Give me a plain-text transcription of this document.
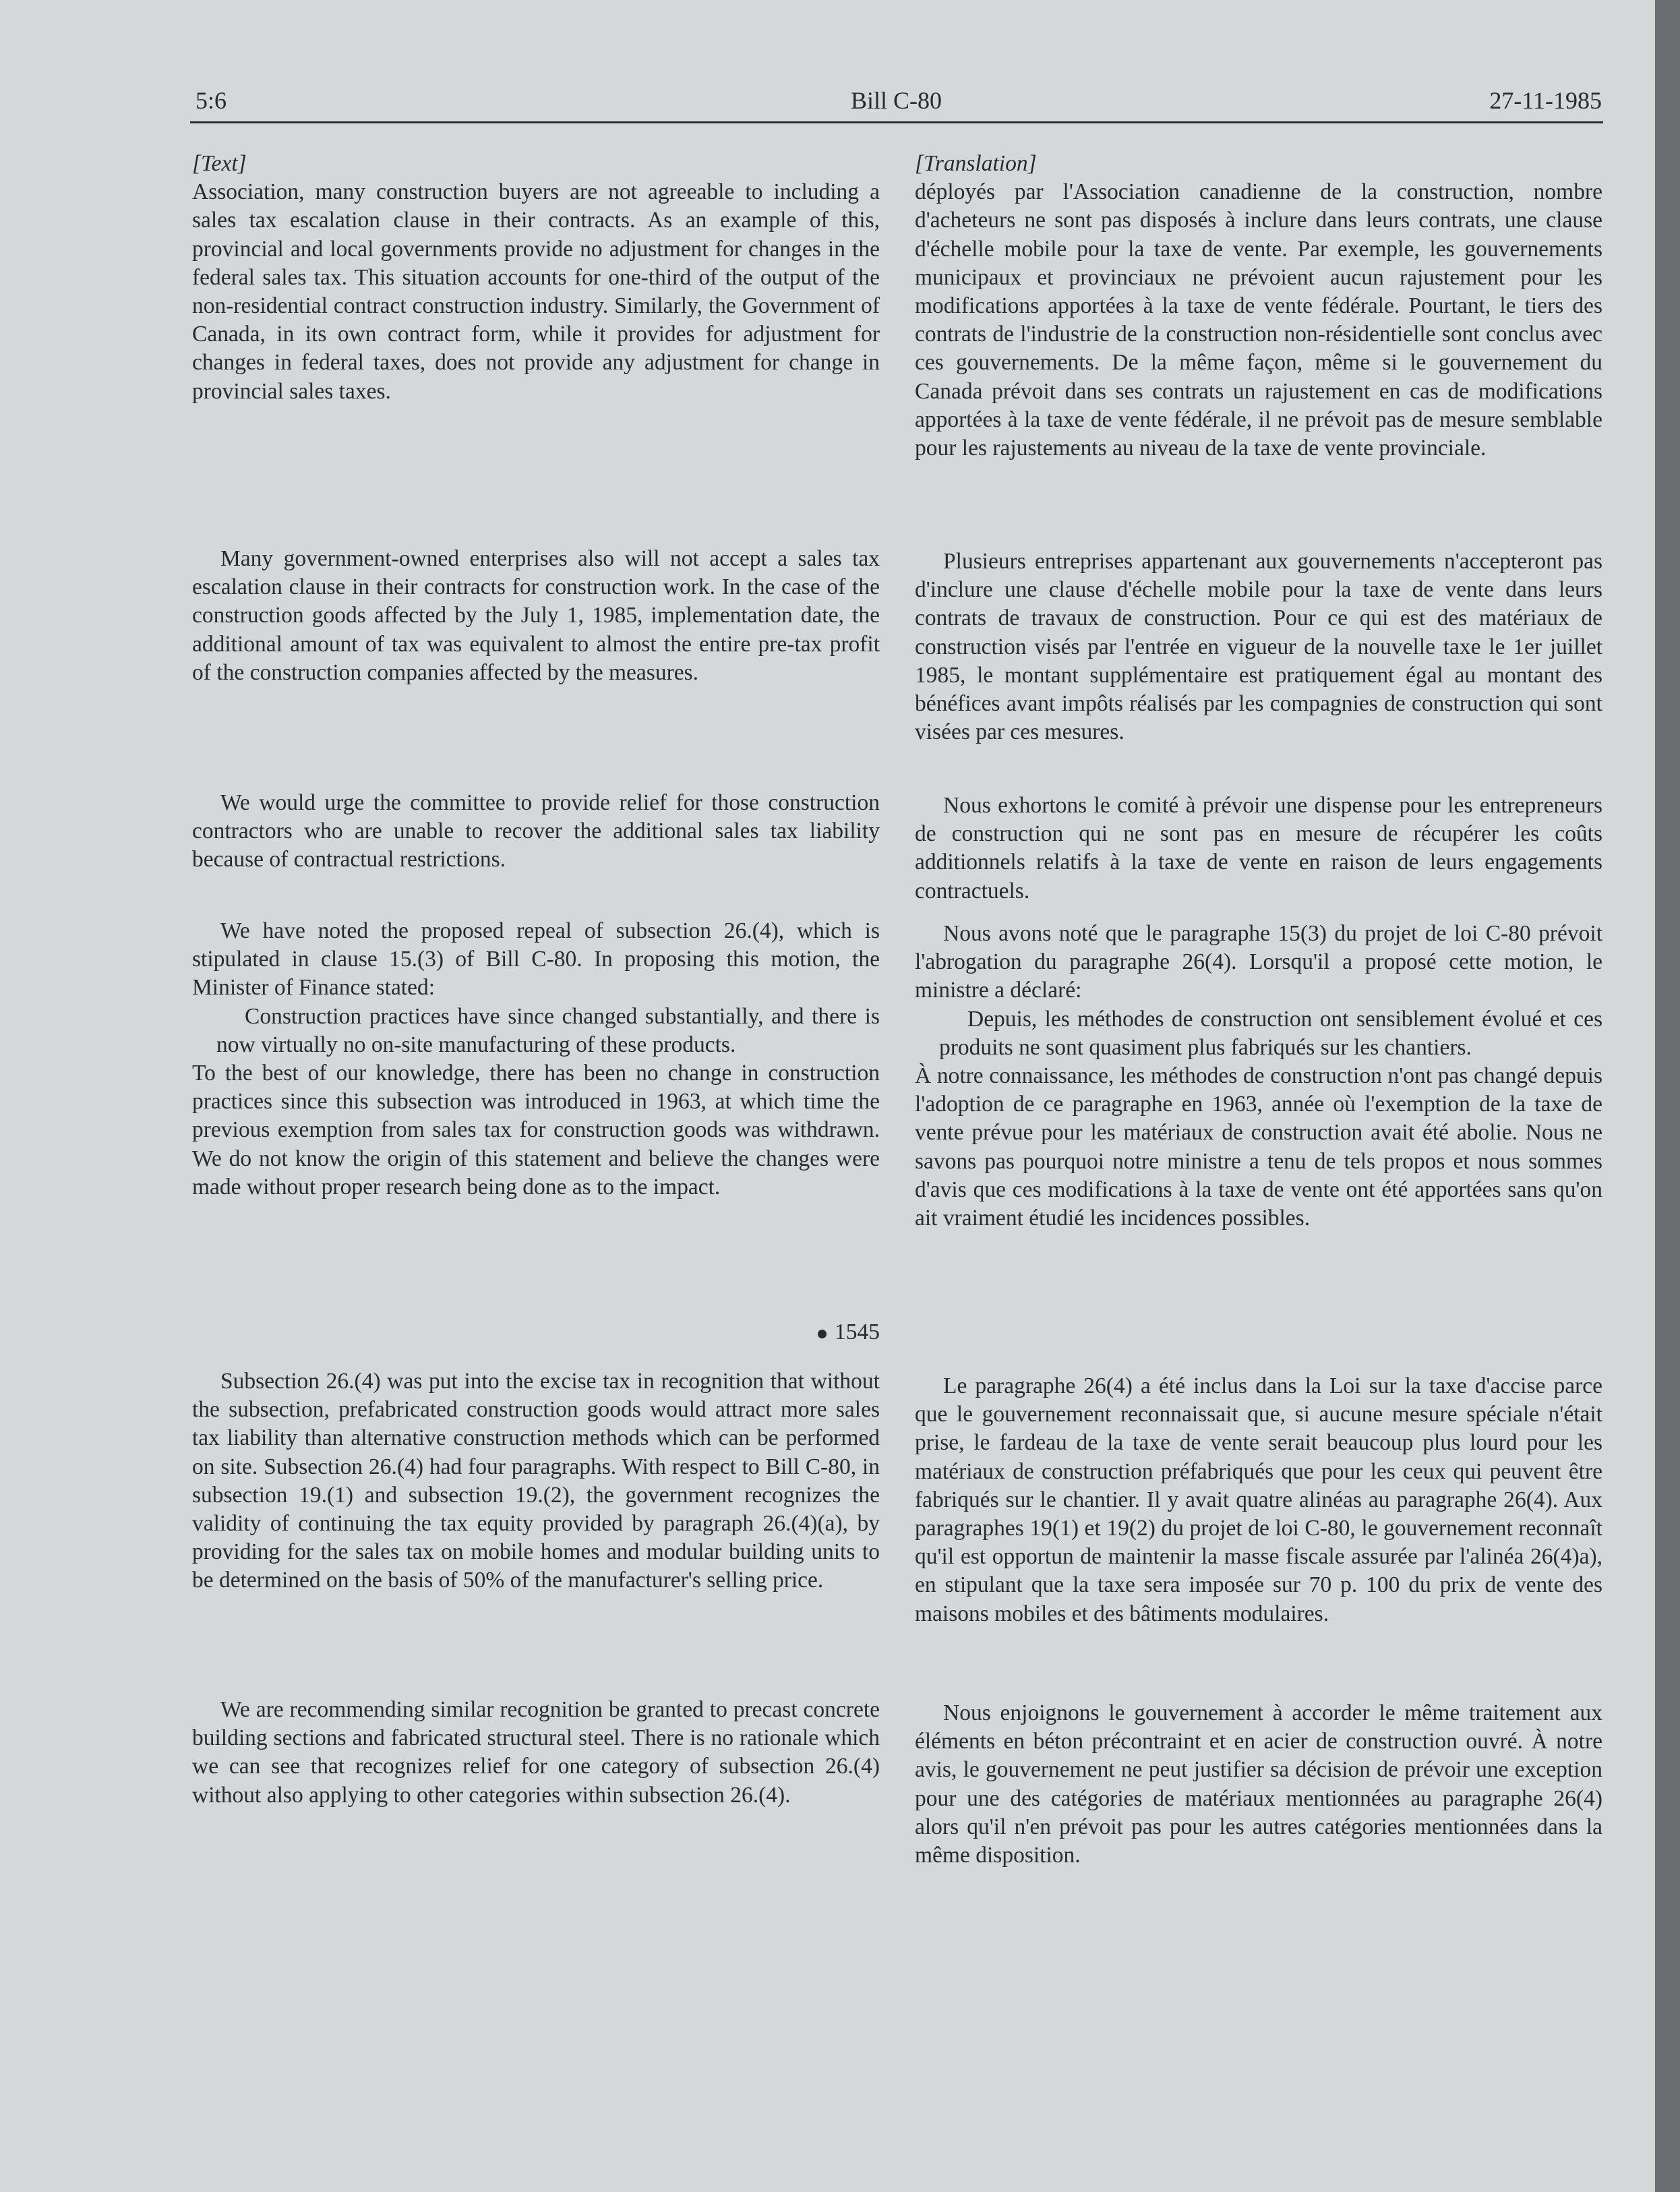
5:6	Bill C-80	27-11-1985

[Text]

Association, many construction buyers are not agreeable to including a sales tax escalation clause in their contracts. As an example of this, provincial and local governments provide no adjustment for changes in the federal sales tax. This situation accounts for one-third of the output of the non-residential contract construction industry. Similarly, the Government of Canada, in its own contract form, while it provides for adjustment for changes in federal taxes, does not provide any adjustment for change in provincial sales taxes.

Many government-owned enterprises also will not accept a sales tax escalation clause in their contracts for construction work. In the case of the construction goods affected by the July 1, 1985, implementation date, the additional amount of tax was equivalent to almost the entire pre-tax profit of the construction companies affected by the measures.

We would urge the committee to provide relief for those construction contractors who are unable to recover the additional sales tax liability because of contractual restrictions.

We have noted the proposed repeal of subsection 26.(4), which is stipulated in clause 15.(3) of Bill C-80. In proposing this motion, the Minister of Finance stated:

Construction practices have since changed substantially, and there is now virtually no on-site manufacturing of these products.

To the best of our knowledge, there has been no change in construction practices since this subsection was introduced in 1963, at which time the previous exemption from sales tax for construction goods was withdrawn. We do not know the origin of this statement and believe the changes were made without proper research being done as to the impact.

1545

Subsection 26.(4) was put into the excise tax in recognition that without the subsection, prefabricated construction goods would attract more sales tax liability than alternative construction methods which can be performed on site. Subsection 26.(4) had four paragraphs. With respect to Bill C-80, in subsection 19.(1) and subsection 19.(2), the government recognizes the validity of continuing the tax equity provided by paragraph 26.(4)(a), by providing for the sales tax on mobile homes and modular building units to be determined on the basis of 50% of the manufacturer's selling price.

We are recommending similar recognition be granted to precast concrete building sections and fabricated structural steel. There is no rationale which we can see that recognizes relief for one category of subsection 26.(4) without also applying to other categories within subsection 26.(4).

[Translation]

déployés par l'Association canadienne de la construction, nombre d'acheteurs ne sont pas disposés à inclure dans leurs contrats, une clause d'échelle mobile pour la taxe de vente. Par exemple, les gouvernements municipaux et provinciaux ne prévoient aucun rajustement pour les modifications apportées à la taxe de vente fédérale. Pourtant, le tiers des contrats de l'industrie de la construction non-résidentielle sont conclus avec ces gouvernements. De la même façon, même si le gouvernement du Canada prévoit dans ses contrats un rajustement en cas de modifications apportées à la taxe de vente fédérale, il ne prévoit pas de mesure semblable pour les rajustements au niveau de la taxe de vente provinciale.

Plusieurs entreprises appartenant aux gouvernements n'accepteront pas d'inclure une clause d'échelle mobile pour la taxe de vente dans leurs contrats de travaux de construction. Pour ce qui est des matériaux de construction visés par l'entrée en vigueur de la nouvelle taxe le 1er juillet 1985, le montant supplémentaire est pratiquement égal au montant des bénéfices avant impôts réalisés par les compagnies de construction qui sont visées par ces mesures.

Nous exhortons le comité à prévoir une dispense pour les entrepreneurs de construction qui ne sont pas en mesure de récupérer les coûts additionnels relatifs à la taxe de vente en raison de leurs engagements contractuels.

Nous avons noté que le paragraphe 15(3) du projet de loi C-80 prévoit l'abrogation du paragraphe 26(4). Lorsqu'il a proposé cette motion, le ministre a déclaré:

Depuis, les méthodes de construction ont sensiblement évolué et ces produits ne sont quasiment plus fabriqués sur les chantiers.

À notre connaissance, les méthodes de construction n'ont pas changé depuis l'adoption de ce paragraphe en 1963, année où l'exemption de la taxe de vente prévue pour les matériaux de construction avait été abolie. Nous ne savons pas pourquoi notre ministre a tenu de tels propos et nous sommes d'avis que ces modifications à la taxe de vente ont été apportées sans qu'on ait vraiment étudié les incidences possibles.

Le paragraphe 26(4) a été inclus dans la Loi sur la taxe d'accise parce que le gouvernement reconnaissait que, si aucune mesure spéciale n'était prise, le fardeau de la taxe de vente serait beaucoup plus lourd pour les matériaux de construction préfabriqués que pour les ceux qui peuvent être fabriqués sur le chantier. Il y avait quatre alinéas au paragraphe 26(4). Aux paragraphes 19(1) et 19(2) du projet de loi C-80, le gouvernement reconnaît qu'il est opportun de maintenir la masse fiscale assurée par l'alinéa 26(4)a), en stipulant que la taxe sera imposée sur 70 p. 100 du prix de vente des maisons mobiles et des bâtiments modulaires.

Nous enjoignons le gouvernement à accorder le même traitement aux éléments en béton précontraint et en acier de construction ouvré. À notre avis, le gouvernement ne peut justifier sa décision de prévoir une exception pour une des catégories de matériaux mentionnées au paragraphe 26(4) alors qu'il n'en prévoit pas pour les autres catégories mentionnées dans la même disposition.
